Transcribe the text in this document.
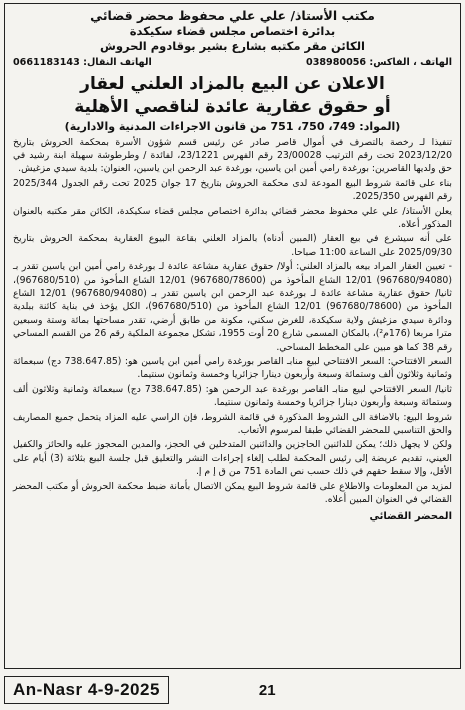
مكتب الأستاذ/ علي علي محفوظ محضر قضائي
بدائرة اختصاص مجلس قضاء سكيكدة
الكائن مقر مكتبه بشارع بشير بوقادوم الحروش
الهاتف ، الفاكس: 038980056
الهاتف النقال: 0661183143
الاعلان عن البيع بالمزاد العلني لعقار
أو حقوق عقارية عائدة لناقصي الأهلية
(المواد: 749، 750، 751 من قانون الاجراءات المدنية والادارية)

تنفيذا لـ رخصة بالتصرف في أموال قاصر صادر عن رئيس قسم شؤون الأسرة بمحكمة الحروش بتاريخ 2023/12/20 تحت رقم الترتيب 23/00028 رقم الفهرس 23/1221، لفائدة / وطرطوشة سهيلة ابنة رشيد في حق ولديها القاصرين: بورغدة رامي أمين ابن ياسين، بورغدة عبد الرحمن ابن ياسين، العنوان: بلدية سيدي مزغيش.

بناء على قائمة شروط البيع المودعة لدى محكمة الحروش بتاريخ 17 جوان 2025 تحت رقم الجدول 2025/344 رقم الفهرس 2025/350.

يعلن الأستاذ/ علي علي محفوظ محضر قضائي بدائرة اختصاص مجلس قضاء سكيكدة، الكائن مقر مكتبه بالعنوان المذكور أعلاه.

على أنه سيشرع في بيع العقار (المبين أدناه) بالمزاد العلني بقاعة البيوع العقارية بمحكمة الحروش بتاريخ 2025/09/30 على الساعة 11:00 صباحا.

- تعيين العقار المراد بيعه بالمزاد العلني: أولا/ حقوق عقارية مشاعة عائدة لـ بورغدة رامي أمين ابن ياسين تقدر بـ (967680/94080) 12/01 الشاع المأخوذ من (967680/78600) 12/01 الشاع المأخوذ من (967680/510)، ثانيا/ حقوق عقارية مشاعة عائدة لـ بورغدة عبد الرحمن ابن ياسين تقدر بـ (967680/94080) 12/01 الشاع المأخوذ من (967680/78600) 12/01 الشاع المأخوذ من (967680/510)، الكل يؤخذ في بناية كائنة ببلدية ودائرة سيدي مزغيش ولاية سكيكدة، للغرض سكني، مكونة من طابق أرضي، تقدر مساحتها بمائة وستة وسبعين مترا مربعا (176م²)، بالمكان المسمى شارع 20 أوت 1955، تشكل مجموعة الملكية رقم 26 من القسم المساحي رقم 38 كما هو مبين على المخطط المساحي.

السعر الافتتاحي: السعر الافتتاحي لبيع منابـ القاصر بورغدة رامي أمين ابن ياسين هو: (738.647.85 دج) سبعمائة وثمانية وثلاثون ألف وستمائة وسبعة وأربعون دينارا جزائريا وخمسة وثمانون سنتيما.

ثانيا/ السعر الافتتاحي لبيع منابـ القاصر بورغدة عبد الرحمن هو: (738.647.85 دج) سبعمائة وثمانية وثلاثون ألف وستمائة وسبعة وأربعون دينارا جزائريا وخمسة وثمانون سنتيما.

شروط البيع: بالاضافة الى الشروط المذكورة في قائمة الشروط، فإن الراسي عليه المزاد يتحمل جميع المصاريف والحق التناسبي للمحضر القضائي طبقا لمرسوم الأتعاب.

ولكن لا يجهل ذلك؛ يمكن للدائنين الحاجزين والدائنين المتدخلين في الحجز، والمدين المحجوز عليه والحائز والكفيل العيني، تقديم عريضة إلى رئيس المحكمة لطلب إلغاء إجراءات النشر والتعليق قبل جلسة البيع بثلاثة (3) أيام على الأقل، وإلا سقط حقهم في ذلك حسب نص المادة 751 من ق إ م إ.

لمزيد من المعلومات والاطلاع على قائمة شروط البيع يمكن الاتصال بأمانة ضبط محكمة الحروش أو مكتب المحضر القضائي في العنوان المبين أعلاه.

المحضر القضائي
An-Nasr 4-9-2025	21
